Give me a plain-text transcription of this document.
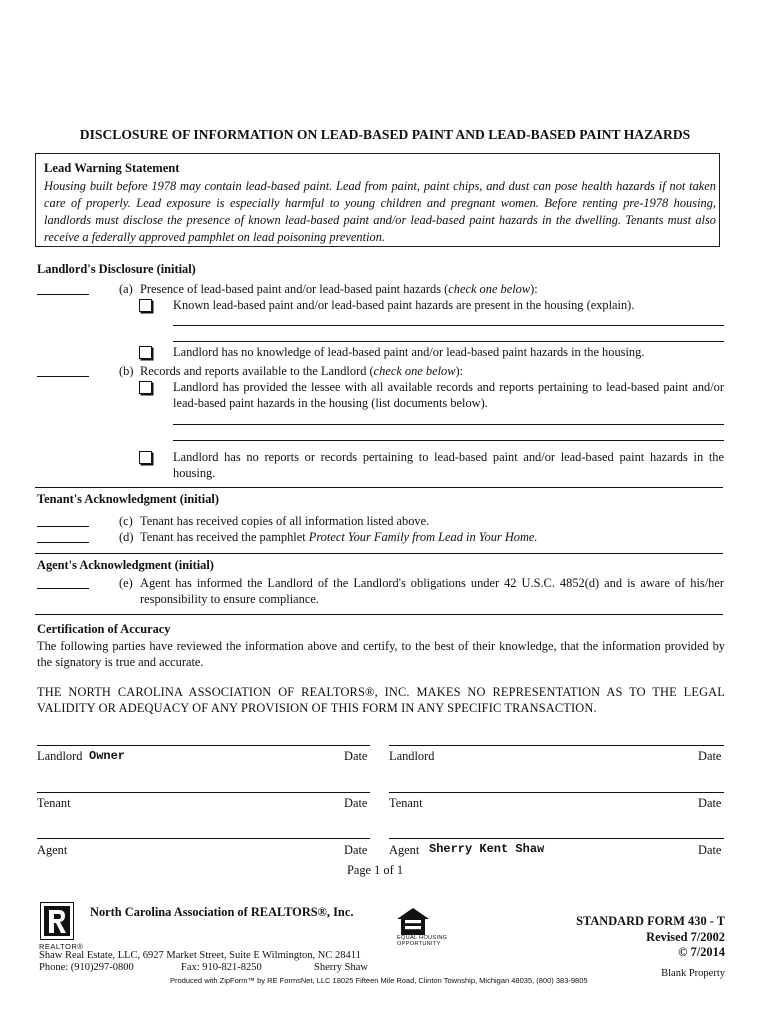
DISCLOSURE OF INFORMATION ON LEAD-BASED PAINT AND LEAD-BASED PAINT HAZARDS
Lead Warning Statement
Housing built before 1978 may contain lead-based paint. Lead from paint, paint chips, and dust can pose health hazards if not taken care of properly. Lead exposure is especially harmful to young children and pregnant women. Before renting pre-1978 housing, landlords must disclose the presence of known lead-based paint and/or lead-based paint hazards in the dwelling. Tenants must also receive a federally approved pamphlet on lead poisoning prevention.
Landlord's Disclosure (initial)
(a) Presence of lead-based paint and/or lead-based paint hazards (check one below):
Known lead-based paint and/or lead-based paint hazards are present in the housing (explain).
Landlord has no knowledge of lead-based paint and/or lead-based paint hazards in the housing.
(b) Records and reports available to the Landlord (check one below):
Landlord has provided the lessee with all available records and reports pertaining to lead-based paint and/or lead-based paint hazards in the housing (list documents below).
Landlord has no reports or records pertaining to lead-based paint and/or lead-based paint hazards in the housing.
Tenant's Acknowledgment (initial)
(c) Tenant has received copies of all information listed above.
(d) Tenant has received the pamphlet Protect Your Family from Lead in Your Home.
Agent's Acknowledgment (initial)
(e) Agent has informed the Landlord of the Landlord's obligations under 42 U.S.C. 4852(d) and is aware of his/her responsibility to ensure compliance.
Certification of Accuracy
The following parties have reviewed the information above and certify, to the best of their knowledge, that the information provided by the signatory is true and accurate.
THE NORTH CAROLINA ASSOCIATION OF REALTORS®, INC. MAKES NO REPRESENTATION AS TO THE LEGAL VALIDITY OR ADEQUACY OF ANY PROVISION OF THIS FORM IN ANY SPECIFIC TRANSACTION.
Landlord Owner	Date Landlord	Date
Tenant	Date Tenant	Date
Agent	Date Agent Sherry Kent Shaw	Date
Page 1 of 1
REALTOR®
North Carolina Association of REALTORS®, Inc.
Shaw Real Estate, LLC, 6927 Market Street, Suite E Wilmington, NC 28411
Phone: (910)297-0800	Fax: 910-821-8250	Sherry Shaw
EQUAL HOUSING
OPPORTUNITY
STANDARD FORM 430 - T
Revised 7/2002
© 7/2014
Blank Property
Produced with ZipForm™ by RE FormsNet, LLC 18025 Fifteen Mile Road, Clinton Township, Michigan 48035, (800) 383-9805
